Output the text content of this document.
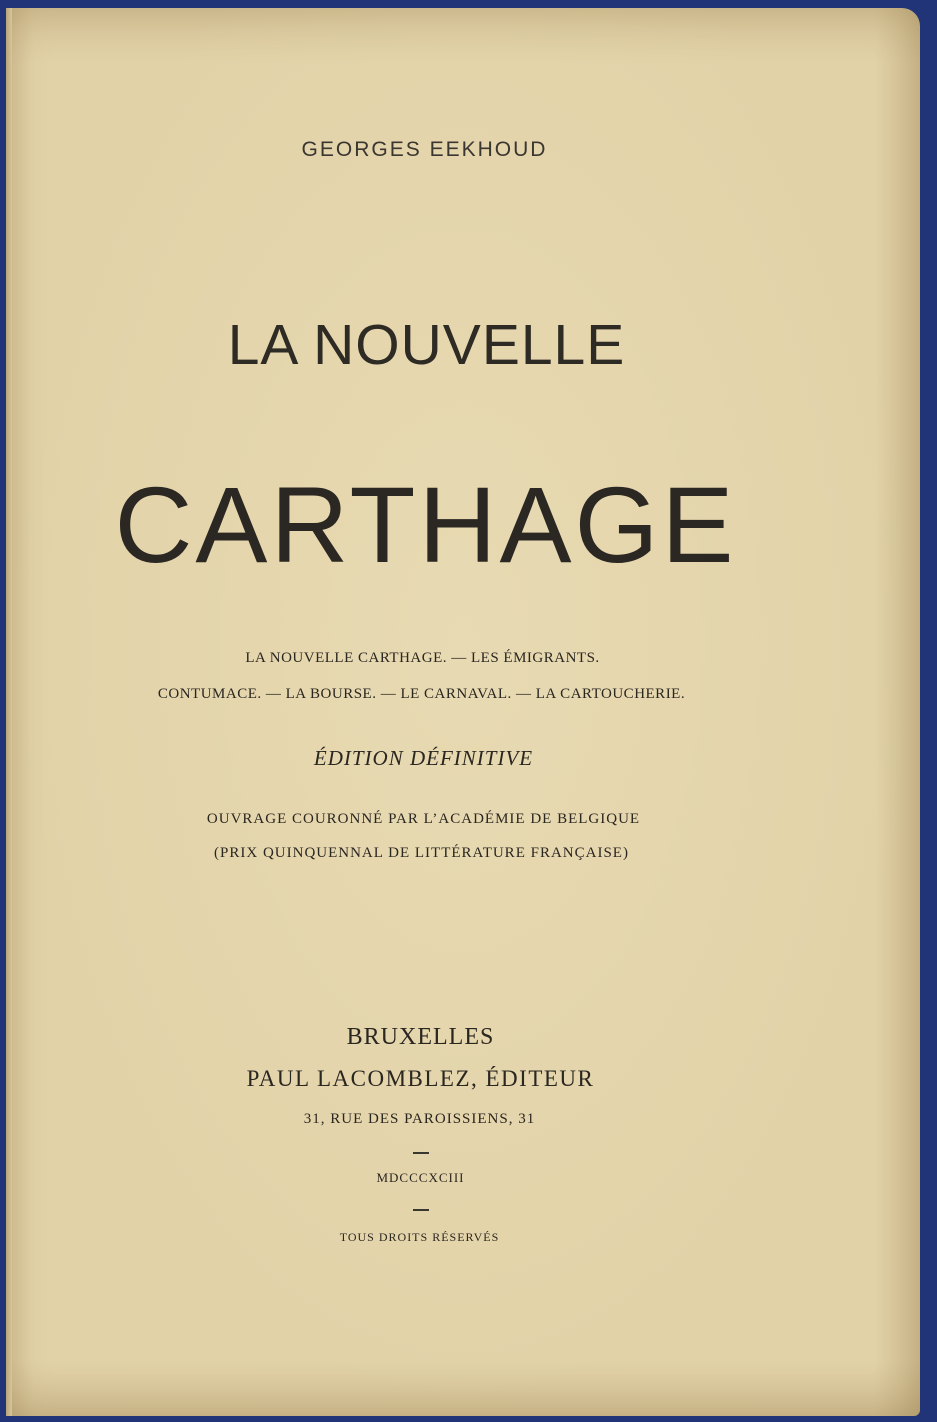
GEORGES EEKHOUD
LA NOUVELLE
CARTHAGE
LA NOUVELLE CARTHAGE. — LES ÉMIGRANTS.
CONTUMACE. — LA BOURSE. — LE CARNAVAL. — LA CARTOUCHERIE.
ÉDITION DÉFINITIVE
OUVRAGE COURONNÉ PAR L’ACADÉMIE DE BELGIQUE
(PRIX QUINQUENNAL DE LITTÉRATURE FRANÇAISE)
BRUXELLES
PAUL LACOMBLEZ, ÉDITEUR
31, RUE DES PAROISSIENS, 31
MDCCCXCIII
TOUS DROITS RÉSERVÉS
